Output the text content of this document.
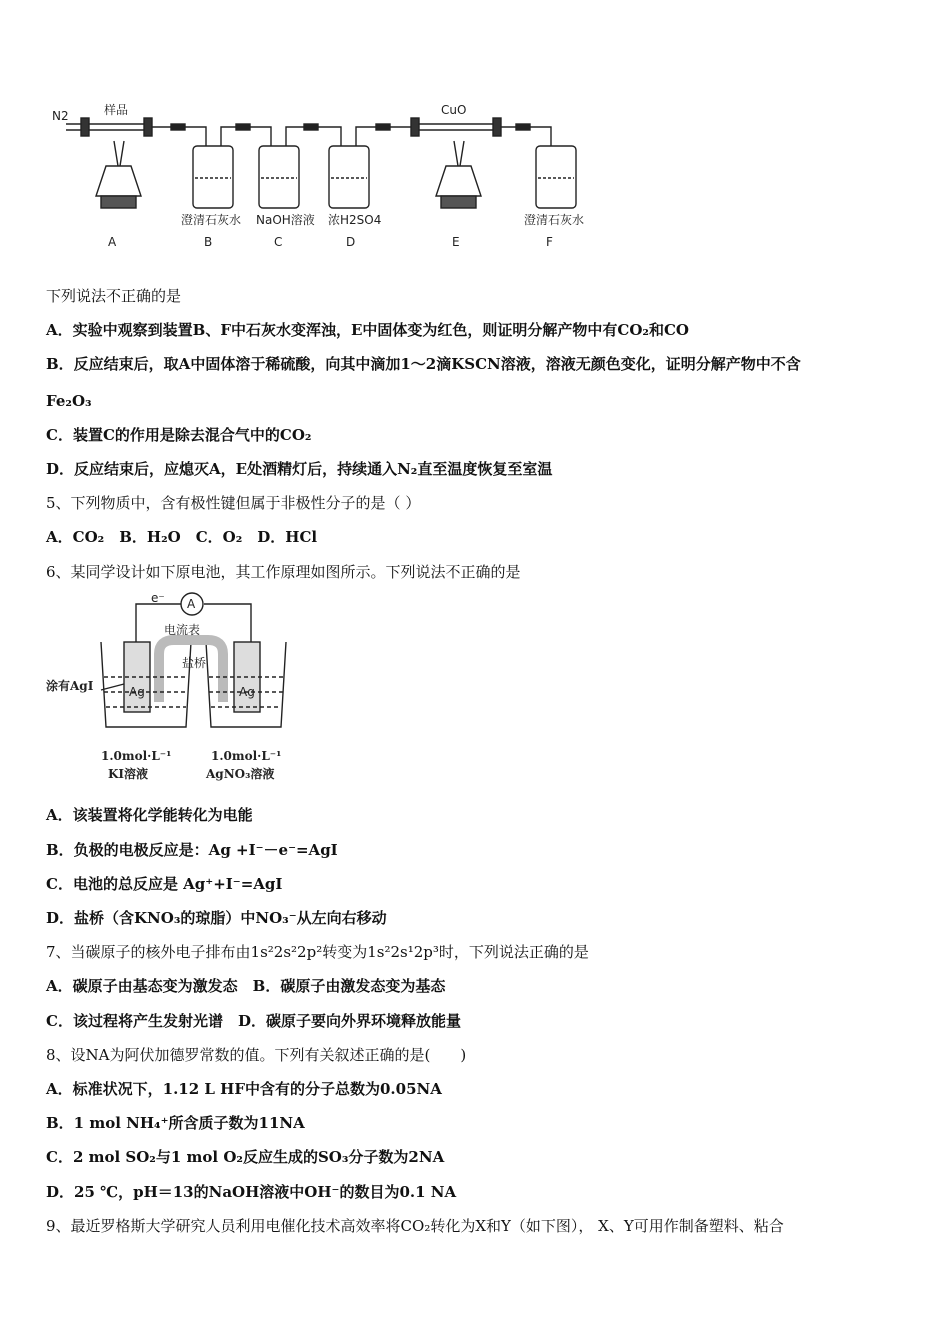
N2	样品	CuO
澄清石灰水 NaOH溶液 浓H2SO4	澄清石灰水
A	B	C	D	E	F
下列说法不正确的是
A．实验中观察到装置B、F中石灰水变浑浊，E中固体变为红色，则证明分解产物中有CO₂和CO
B．反应结束后，取A中固体溶于稀硫酸，向其中滴加1～2滴KSCN溶液，溶液无颜色变化，证明分解产物中不含
Fe₂O₃
C．装置C的作用是除去混合气中的CO₂
D．反应结束后，应熄灭A，E处酒精灯后，持续通入N₂直至温度恢复至室温
5、下列物质中，含有极性键但属于非极性分子的是（ ）
A．CO₂　B．H₂O　C．O₂　D．HCl
6、某同学设计如下原电池，其工作原理如图所示。下列说法不正确的是
e⁻ A
电流表
盐桥
涂有AgI	Ag	Ag
1.0mol·L⁻¹
KI溶液
1.0mol·L⁻¹
AgNO₃溶液
A．该装置将化学能转化为电能
B．负极的电极反应是：Ag +I⁻－e⁻=AgI
C．电池的总反应是 Ag⁺+I⁻=AgI
D．盐桥（含KNO₃的琼脂）中NO₃⁻从左向右移动
7、当碳原子的核外电子排布由1s²2s²2p²转变为1s²2s¹2p³时，下列说法正确的是
A．碳原子由基态变为激发态　B．碳原子由激发态变为基态
C．该过程将产生发射光谱　D．碳原子要向外界环境释放能量
8、设NA为阿伏加德罗常数的值。下列有关叙述正确的是(　　)
A．标准状况下，1.12 L HF中含有的分子总数为0.05NA
B．1 mol NH₄⁺所含质子数为11NA
C．2 mol SO₂与1 mol O₂反应生成的SO₃分子数为2NA
D．25 ℃，pH＝13的NaOH溶液中OH⁻的数目为0.1 NA
9、最近罗格斯大学研究人员利用电催化技术高效率将CO₂转化为X和Y（如下图）， X、Y可用作制备塑料、粘合
